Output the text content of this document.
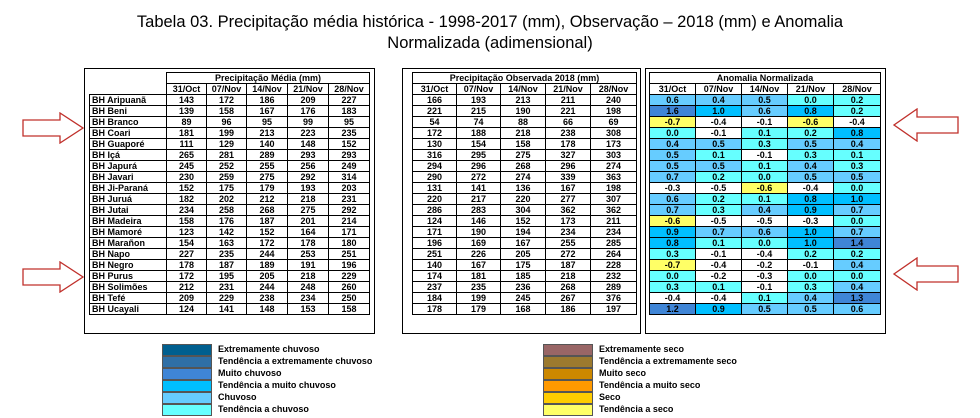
Tabela 03. Precipitação média histórica - 1998-2017 (mm), Observação – 2018 (mm) e Anomalia
Normalizada (adimensional)
	Precipitação Média (mm)				
	31/Oct	07/Nov	14/Nov	21/Nov	28/Nov
BH Aripuanã	143	172	186	209	227
BH Beni	139	158	167	176	183
BH Branco	89	96	95	99	95
BH Coari	181	199	213	223	235
BH Guaporé	111	129	140	148	152
BH Içá	265	281	289	293	293
BH Japurá	245	252	255	256	249
BH Javari	230	259	275	292	314
BH Ji-Paraná	152	175	179	193	203
BH Juruá	182	202	212	218	231
BH Jutai	234	258	268	275	292
BH Madeira	158	176	187	201	214
BH Mamoré	123	142	152	164	171
BH Marañon	154	163	172	178	180
BH Napo	227	235	244	253	251
BH Negro	178	187	189	191	196
BH Purus	172	195	205	218	229
BH Solimões	212	231	244	248	260
BH Tefé	209	229	238	234	250
BH Ucayali	124	141	148	153	158
Precipitação Observada 2018 (mm)				
31/Oct	07/Nov	14/Nov	21/Nov	28/Nov
166	193	213	211	240
221	215	190	221	198
54	74	88	66	69
172	188	218	238	308
130	154	158	178	173
316	295	275	327	303
294	296	268	296	274
290	272	274	339	363
131	141	136	167	198
220	217	220	277	307
286	283	304	362	362
124	146	152	173	211
171	190	194	234	234
196	169	167	255	285
251	226	205	272	264
140	167	175	187	228
174	181	185	218	232
237	235	236	268	289
184	199	245	267	376
178	179	168	186	197
Anomalia Normalizada				
31/Oct	07/Nov	14/Nov	21/Nov	28/Nov
0.6	0.4	0.5	0.0	0.2
1.6	1.0	0.6	0.8	0.2
-0.7	-0.4	-0.1	-0.6	-0.4
0.0	-0.1	0.1	0.2	0.8
0.4	0.5	0.3	0.5	0.4
0.5	0.1	-0.1	0.3	0.1
0.5	0.5	0.1	0.4	0.3
0.7	0.2	0.0	0.5	0.5
-0.3	-0.5	-0.6	-0.4	0.0
0.6	0.2	0.1	0.8	1.0
0.7	0.3	0.4	0.9	0.7
-0.6	-0.5	-0.5	-0.3	0.0
0.9	0.7	0.6	1.0	0.7
0.8	0.1	0.0	1.0	1.4
0.3	-0.1	-0.4	0.2	0.2
-0.7	-0.4	-0.2	-0.1	0.4
0.0	-0.2	-0.3	0.0	0.0
0.3	0.1	-0.1	0.3	0.4
-0.4	-0.4	0.1	0.4	1.3
1.2	0.9	0.5	0.5	0.6
Extremamente chuvoso
Tendência a extremamente chuvoso
Muito chuvoso
Tendência a muito chuvoso
Chuvoso
Tendência a chuvoso
Extremamente seco
Tendência a extremamente seco
Muito seco
Tendência a muito seco
Seco
Tendência a seco
